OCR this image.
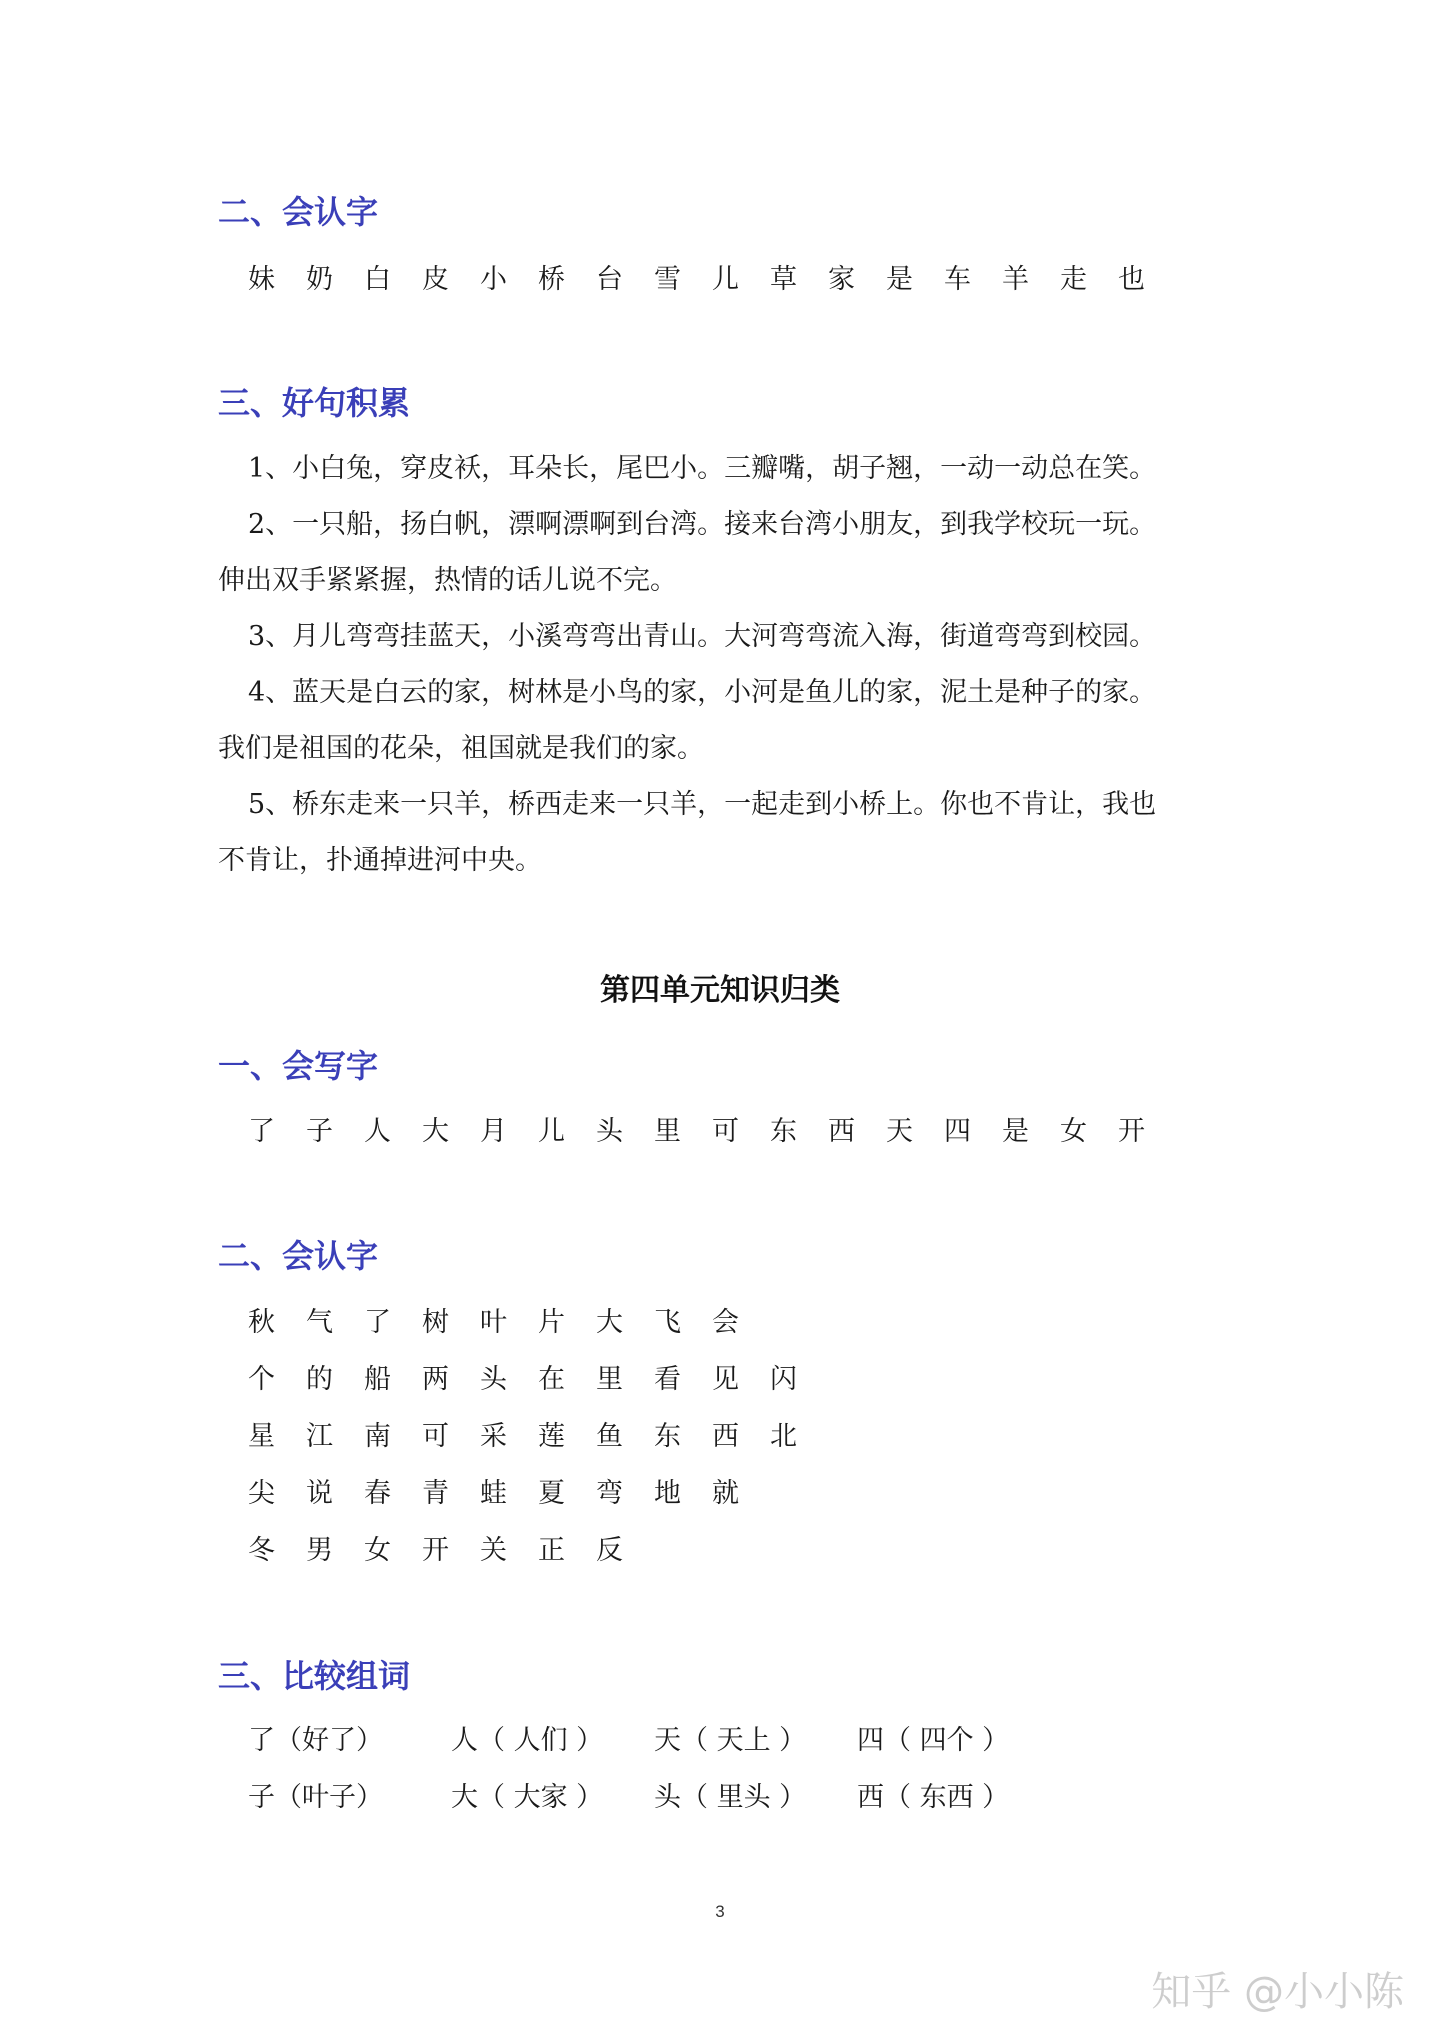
二、会认字
妹 奶 白 皮 小 桥 台 雪 儿 草 家 是 车 羊 走 也
三、好句积累
1、小白兔，穿皮袄，耳朵长，尾巴小。三瓣嘴，胡子翘，一动一动总在笑。
2、一只船，扬白帆，漂啊漂啊到台湾。接来台湾小朋友，到我学校玩一玩。
伸出双手紧紧握，热情的话儿说不完。
3、月儿弯弯挂蓝天，小溪弯弯出青山。大河弯弯流入海，街道弯弯到校园。
4、蓝天是白云的家，树林是小鸟的家，小河是鱼儿的家，泥土是种子的家。
我们是祖国的花朵，祖国就是我们的家。
5、桥东走来一只羊，桥西走来一只羊，一起走到小桥上。你也不肯让，我也
不肯让，扑通掉进河中央。
第四单元知识归类
一、会写字
了 子 人 大 月 儿 头 里 可 东 西 天 四 是 女 开
二、会认字
秋 气 了 树 叶 片 大 飞 会
个 的 船 两 头 在 里 看 见 闪
星 江 南 可 采 莲 鱼 东 西 北
尖 说 春 青 蛙 夏 弯 地 就
冬 男 女 开 关 正 反
三、比较组词
了（好了）	人（ 人们 ） 天（ 天上 ） 四（ 四个 ）
子（叶子）	大（ 大家 ） 头（ 里头 ） 西（ 东西 ）
3
知乎 @小小陈
